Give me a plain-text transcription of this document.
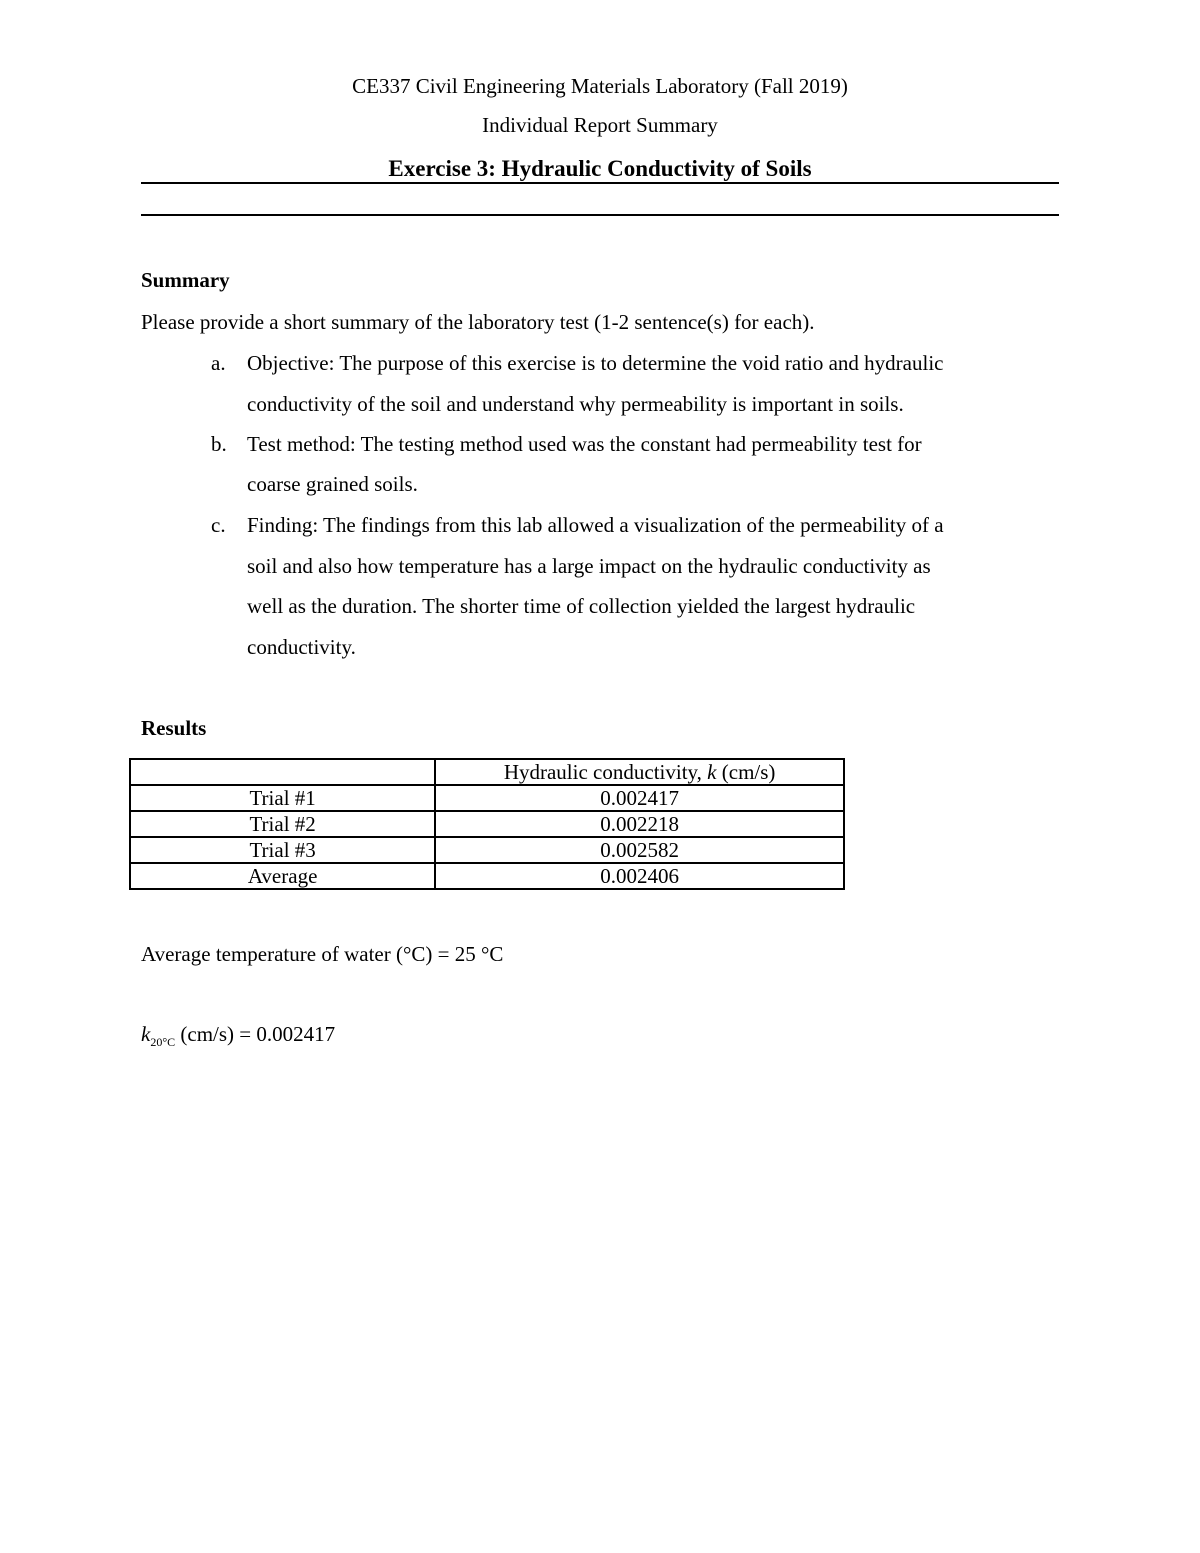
CE337 Civil Engineering Materials Laboratory (Fall 2019)
Individual Report Summary
Exercise 3: Hydraulic Conductivity of Soils
Summary
Please provide a short summary of the laboratory test (1-2 sentence(s) for each).
a. Objective: The purpose of this exercise is to determine the void ratio and hydraulic
conductivity of the soil and understand why permeability is important in soils.
b. Test method: The testing method used was the constant had permeability test for
coarse grained soils.
c. Finding: The findings from this lab allowed a visualization of the permeability of a
soil and also how temperature has a large impact on the hydraulic conductivity as
well as the duration. The shorter time of collection yielded the largest hydraulic
conductivity.
Results
	Hydraulic conductivity, k (cm/s)
Trial #1	0.002417
Trial #2	0.002218
Trial #3	0.002582
Average	0.002406
Average temperature of water (°C) = 25 °C
$k_{20^\circ C}$ (cm/s) = 0.002417
